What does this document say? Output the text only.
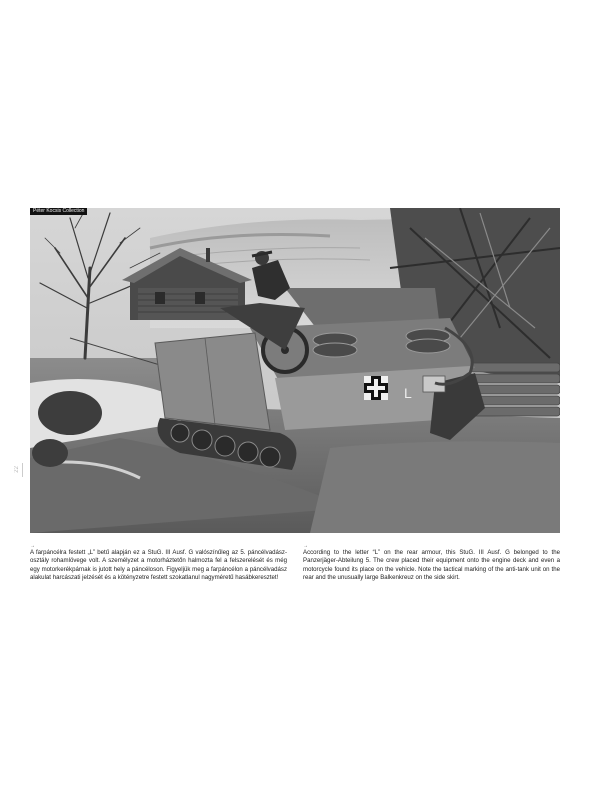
L
Péter Kocsis Collection
22
→
A farpáncélra festett „L” betű alapján ez a StuG. III Ausf. G valószínűleg az 5. páncélvadász-osztály rohamlövege volt. A személyzet a motorháztetőn halmozta fel a felszerelését és még egy motorkerékpárnak is jutott hely a páncéloson. Figyeljük meg a farpáncélon a páncélvadász alakulat harcászati jelzését és a kötényzetre festett szokatlanul nagyméretű hasábkeresztet!
→
According to the letter “L” on the rear armour, this StuG. III Ausf. G belonged to the Panzerjäger-Abteilung 5. The crew placed their equipment onto the engine deck and even a motorcycle found its place on the vehicle. Note the tactical marking of the anti-tank unit on the rear and the unusually large Balkenkreuz on the side skirt.
